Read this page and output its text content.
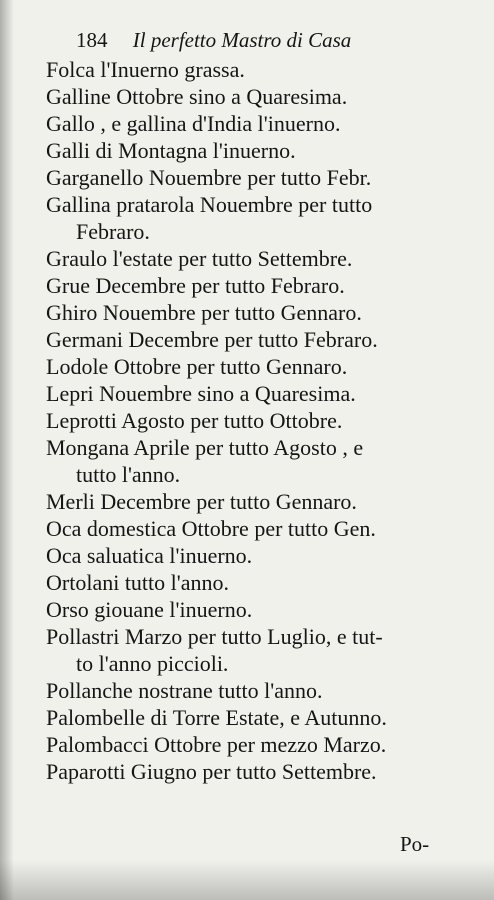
184 Il perfetto Mastro di Casa
Folca l'Inuerno grassa.
Galline Ottobre sino a Quaresima.
Gallo , e gallina d'India l'inuerno.
Galli di Montagna l'inuerno.
Garganello Nouembre per tutto Febr.
Gallina pratarola Nouembre per tutto
Febraro.
Graulo l'estate per tutto Settembre.
Grue Decembre per tutto Febraro.
Ghiro Nouembre per tutto Gennaro.
Germani Decembre per tutto Febraro.
Lodole Ottobre per tutto Gennaro.
Lepri Nouembre sino a Quaresima.
Leprotti Agosto per tutto Ottobre.
Mongana Aprile per tutto Agosto , e
tutto l'anno.
Merli Decembre per tutto Gennaro.
Oca domestica Ottobre per tutto Gen.
Oca saluatica l'inuerno.
Ortolani tutto l'anno.
Orso giouane l'inuerno.
Pollastri Marzo per tutto Luglio, e tut-
to l'anno piccioli.
Pollanche nostrane tutto l'anno.
Palombelle di Torre Estate, e Autunno.
Palombacci Ottobre per mezzo Marzo.
Paparotti Giugno per tutto Settembre.
Po-
